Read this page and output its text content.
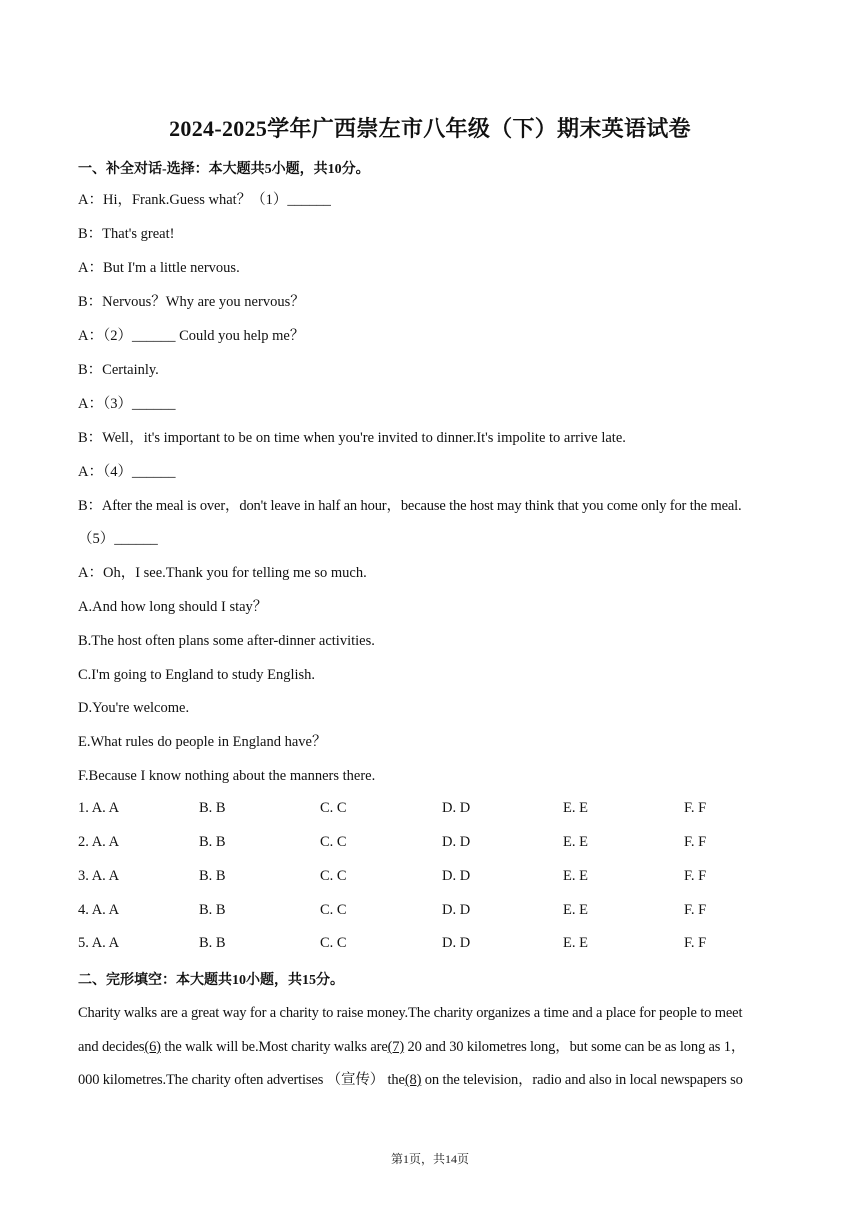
2024-2025学年广西崇左市八年级（下）期末英语试卷
一、补全对话-选择：本大题共5小题，共10分。
A：Hi，Frank.Guess what？（1）______
B：That's great!
A：But I'm a little nervous.
B：Nervous？Why are you nervous？
A：（2）______ Could you help me？
B：Certainly.
A：（3）______
B：Well，it's important to be on time when you're invited to dinner.It's impolite to arrive late.
A：（4）______
B：After the meal is over，don't leave in half an hour，because the host may think that you come only for the meal.
（5）______
A：Oh，I see.Thank you for telling me so much.
A.And how long should I stay？
B.The host often plans some after-dinner activities.
C.I'm going to England to study English.
D.You're welcome.
E.What rules do people in England have？
F.Because I know nothing about the manners there.
1. A. A	B. B	C. C	D. D	E. E	F. F
2. A. A	B. B	C. C	D. D	E. E	F. F
3. A. A	B. B	C. C	D. D	E. E	F. F
4. A. A	B. B	C. C	D. D	E. E	F. F
5. A. A	B. B	C. C	D. D	E. E	F. F
二、完形填空：本大题共10小题，共15分。
Charity walks are a great way for a charity to raise money.The charity organizes a time and a place for people to meet
and decides(6) the walk will be.Most charity walks are(7) 20 and 30 kilometres long，but some can be as long as 1，
000 kilometres.The charity often advertises （宣传） the(8) on the television，radio and also in local newspapers so
第1页，共14页
